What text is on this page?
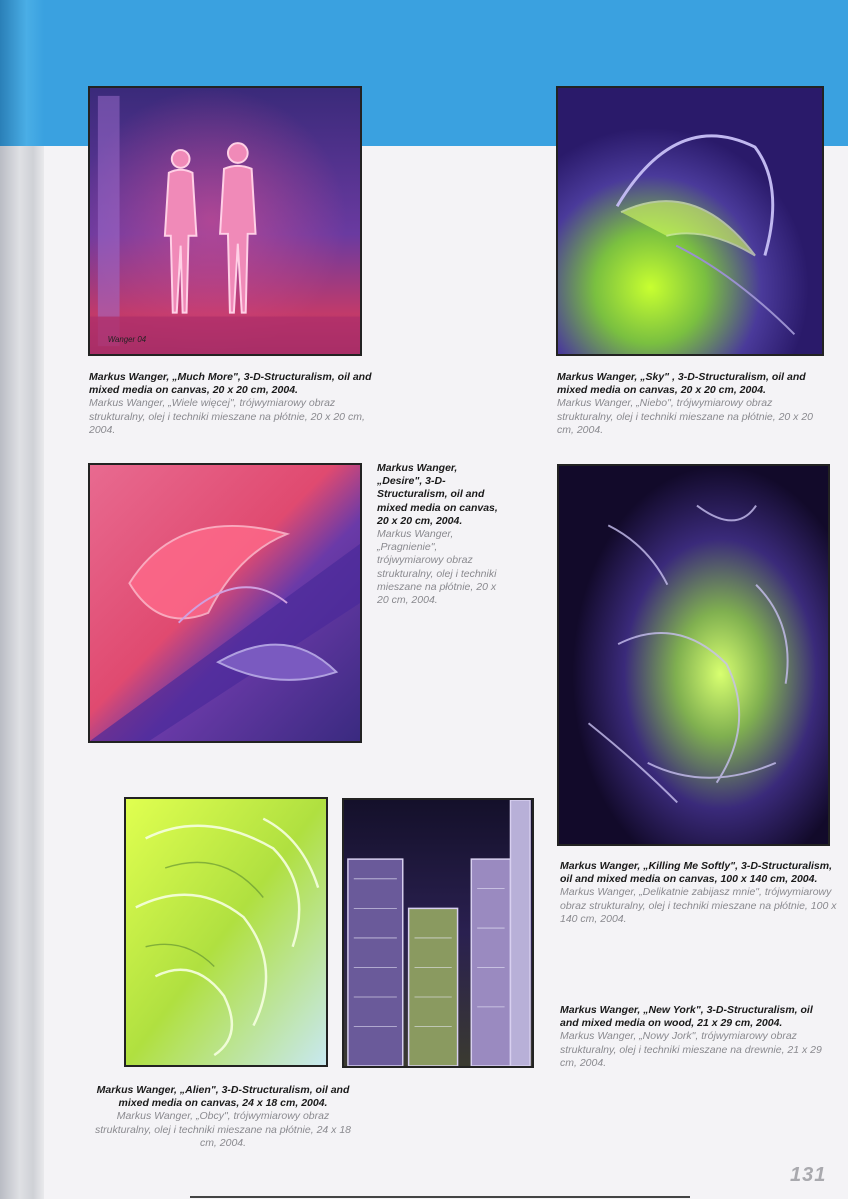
Wanger 04
Markus Wanger, „Much More", 3-D-Structuralism, oil and mixed media on canvas, 20 x 20 cm, 2004.
Markus Wanger, „Wiele więcej", trójwymiarowy obraz strukturalny, olej i techniki mieszane na płótnie, 20 x 20 cm, 2004.
Markus Wanger, „Sky" , 3-D-Structuralism, oil and mixed media on canvas, 20 x 20 cm, 2004.
Markus Wanger, „Niebo", trójwymiarowy obraz strukturalny, olej i techniki mieszane na płótnie, 20 x 20 cm, 2004.
Markus Wanger, „Desire", 3-D-Structuralism, oil and mixed media on canvas, 20 x 20 cm, 2004.
Markus Wanger, „Pragnienie", trójwymiarowy obraz strukturalny, olej i techniki mieszane na płótnie, 20 x 20 cm, 2004.
Markus Wanger, „Killing Me Softly", 3-D-Structuralism, oil and mixed media on canvas, 100 x 140 cm, 2004.
Markus Wanger, „Delikatnie zabijasz mnie", trójwymiarowy obraz strukturalny, olej i techniki mieszane na płótnie, 100 x 140 cm, 2004.
Markus Wanger, „Alien", 3-D-Structuralism, oil and mixed media on canvas, 24 x 18 cm, 2004.
Markus Wanger, „Obcy", trójwymiarowy obraz strukturalny, olej i techniki mieszane na płótnie, 24 x 18 cm, 2004.
Markus Wanger, „New York", 3-D-Structuralism, oil and mixed media on wood, 21 x 29 cm, 2004.
Markus Wanger, „Nowy Jork", trójwymiarowy obraz strukturalny, olej i techniki mieszane na drewnie, 21 x 29 cm, 2004.
131
